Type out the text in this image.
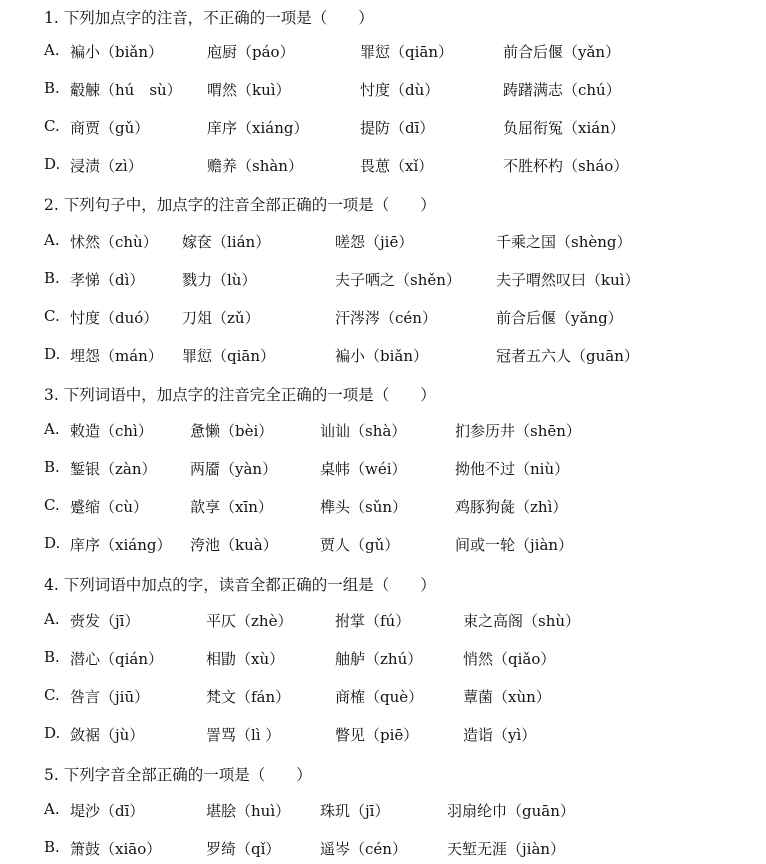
1. 下列加点字的注音，不正确的一项是（　　）
A. 褊小（biǎn）	庖厨（páo）	罪愆（qiān）	前合后偃（yǎn）
B. 觳觫（hú　sù） 喟然（kuì）	忖度（dù）	踌躇满志（chú）
C. 商贾（gǔ）	庠序（xiáng）	提防（dī）	负屈衔冤（xián）
D. 浸渍（zì）	赡养（shàn）	畏葸（xǐ）	不胜杯杓（sháo）
2. 下列句子中，加点字的注音全部正确的一项是（　　）
A. 怵然（chù） 嫁奁（lián）	嗟怨（jiē）	千乘之国（shèng）
B. 孝悌（dì）	戮力（lù）	夫子哂之（shěn） 夫子喟然叹曰（kuì）
C. 忖度（duó） 刀俎（zǔ）	汗涔涔（cén）	前合后偃（yǎng）
D. 埋怨（mán） 罪愆（qiān）	褊小（biǎn）	冠者五六人（guān）
3. 下列词语中，加点字的注音完全正确的一项是（　　）
A. 敕造（chì） 惫懒（bèi）	讪讪（shà）	扪参历井（shēn）
B. 錾银（zàn） 两靥（yàn）	桌帏（wéi）	拗他不过（niù）
C. 蹙缩（cù）	歆享（xīn）	榫头（sǔn）	鸡豚狗彘（zhì）
D. 庠序（xiáng） 洿池（kuà）	贾人（gǔ）	间或一轮（jiàn）
4. 下列词语中加点的字，读音全都正确的一组是（　　）
A. 赍发（jī）	平仄（zhè）	拊掌（fú）	束之高阁（shù）
B. 潜心（qián）	相勖（xù）	舳舻（zhú）	悄然（qiǎo）
C. 咎言（jiū）	梵文（fán）	商榷（què）	蕈菌（xùn）
D. 敛裾（jù）	詈骂（lì ）	瞥见（piē）	造诣（yì）
5. 下列字音全部正确的一项是（　　）
A. 堤沙（dī）	堪脍（huì） 珠玑（jī）	羽扇纶巾（guān）
B. 箫鼓（xiāo）	罗绮（qǐ）	遥岑（cén）	天堑无涯（jiàn）
